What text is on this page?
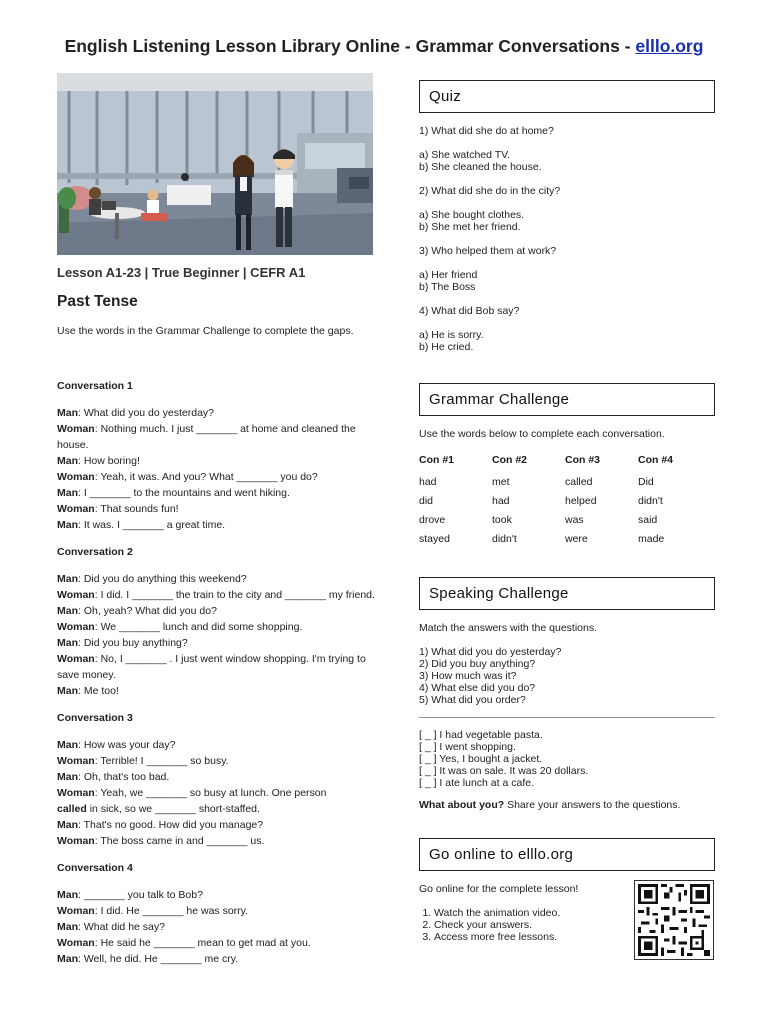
English Listening Lesson Library Online - Grammar Conversations - elllo.org
Lesson A1-23 | True Beginner | CEFR A1
Past Tense
Use the words in the Grammar Challenge to complete the gaps.
Conversation 1
Man: What did you do yesterday?
Woman: Nothing much. I just _______ at home and cleaned the house.
Man: How boring!
Woman: Yeah, it was. And you? What _______ you do?
Man: I _______ to the mountains and went hiking.
Woman: That sounds fun!
Man: It was. I _______ a great time.
Conversation 2
Man: Did you do anything this weekend?
Woman: I did. I _______ the train to the city and _______ my friend.
Man: Oh, yeah? What did you do?
Woman: We _______ lunch and did some shopping.
Man: Did you buy anything?
Woman: No, I _______ . I just went window shopping. I'm trying to save money.
Man: Me too!
Conversation 3
Man: How was your day?
Woman: Terrible! I _______ so busy.
Man: Oh, that's too bad.
Woman: Yeah, we _______ so busy at lunch. One person
called in sick, so we _______ short-staffed.
Man: That's no good. How did you manage?
Woman: The boss came in and _______ us.
Conversation 4
Man: _______ you talk to Bob?
Woman: I did. He _______ he was sorry.
Man: What did he say?
Woman: He said he _______ mean to get mad at you.
Man: Well, he did. He _______ me cry.
Quiz
1) What did she do at home?
a) She watched TV.
b) She cleaned the house.
2) What did she do in the city?
a) She bought clothes.
b) She met her friend.
3) Who helped them at work?
a) Her friend
b) The Boss
4) What did Bob say?
a) He is sorry.
b) He cried.
Grammar Challenge
Use the words below to complete each conversation.
Con #1	Con #2	Con #3	Con #4
had	met	called	Did
did	had	helped	didn't
drove	took	was	said
stayed	didn't	were	made
Speaking Challenge
Match the answers with the questions.
1) What did you do yesterday?
2) Did you buy anything?
3) How much was it?
4) What else did you do?
5) What did you order?
[ _ ] I had vegetable pasta.
[ _ ] I went shopping.
[ _ ] Yes, I bought a jacket.
[ _ ] It was on sale. It was 20 dollars.
[ _ ] I ate lunch at a cafe.
What about you? Share your answers to the questions.
Go online to elllo.org
Go online for the complete lesson!
1. Watch the animation video.
2. Check your answers.
3. Access more free lessons.
